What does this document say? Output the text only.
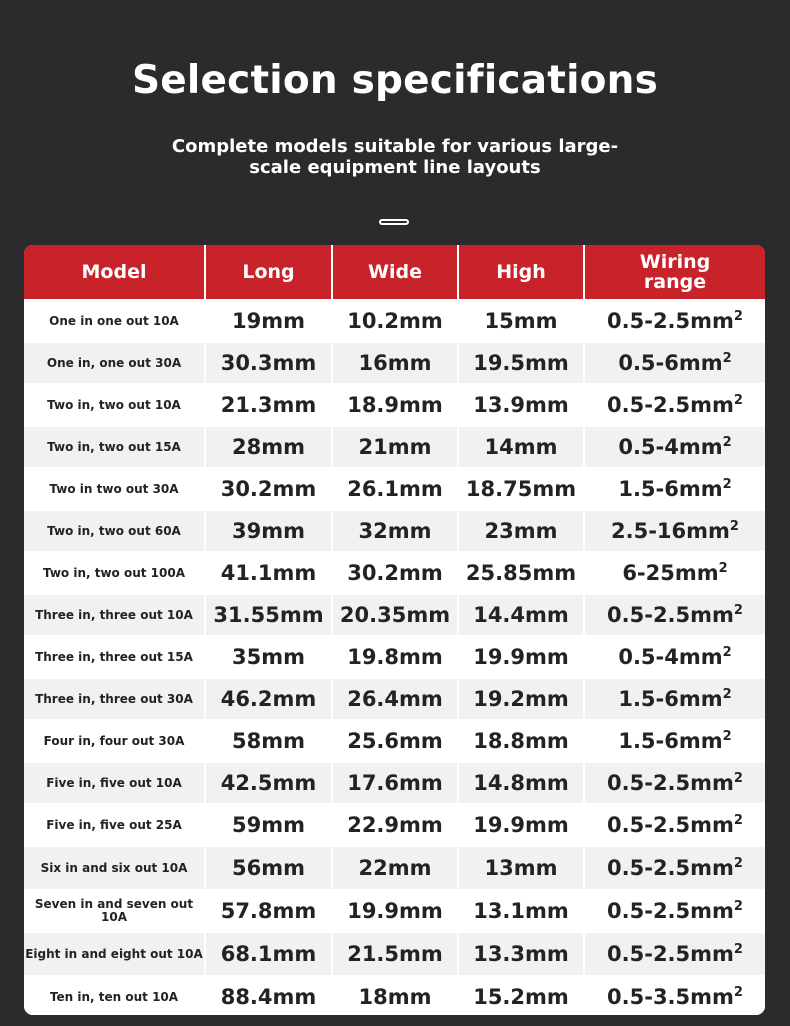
Selection specifications
Complete models suitable for various large-scale equipment line layouts
Model	Long	Wide	High	Wiring range

One in one out 10A	19mm	10.2mm	15mm	$0.5-2.5mm^2$
One in, one out 30A	30.3mm	16mm	19.5mm	$0.5-6mm^2$
Two in, two out 10A	21.3mm	18.9mm	13.9mm	$0.5-2.5mm^2$
Two in, two out 15A	28mm	21mm	14mm	$0.5-4mm^2$
Two in two out 30A	30.2mm	26.1mm	18.75mm	$1.5-6mm^2$
Two in, two out 60A	39mm	32mm	23mm	$2.5-16mm^2$
Two in, two out 100A	41.1mm	30.2mm	25.85mm	$6-25mm^2$
Three in, three out 10A	31.55mm	20.35mm	14.4mm	$0.5-2.5mm^2$
Three in, three out 15A	35mm	19.8mm	19.9mm	$0.5-4mm^2$
Three in, three out 30A	46.2mm	26.4mm	19.2mm	$1.5-6mm^2$
Four in, four out 30A	58mm	25.6mm	18.8mm	$1.5-6mm^2$
Five in, five out 10A	42.5mm	17.6mm	14.8mm	$0.5-2.5mm^2$
Five in, five out 25A	59mm	22.9mm	19.9mm	$0.5-2.5mm^2$
Six in and six out 10A	56mm	22mm	13mm	$0.5-2.5mm^2$
Seven in and seven out 10A	57.8mm	19.9mm	13.1mm	$0.5-2.5mm^2$
Eight in and eight out 10A	68.1mm	21.5mm	13.3mm	$0.5-2.5mm^2$
Ten in, ten out 10A	88.4mm	18mm	15.2mm	$0.5-3.5mm^2$
